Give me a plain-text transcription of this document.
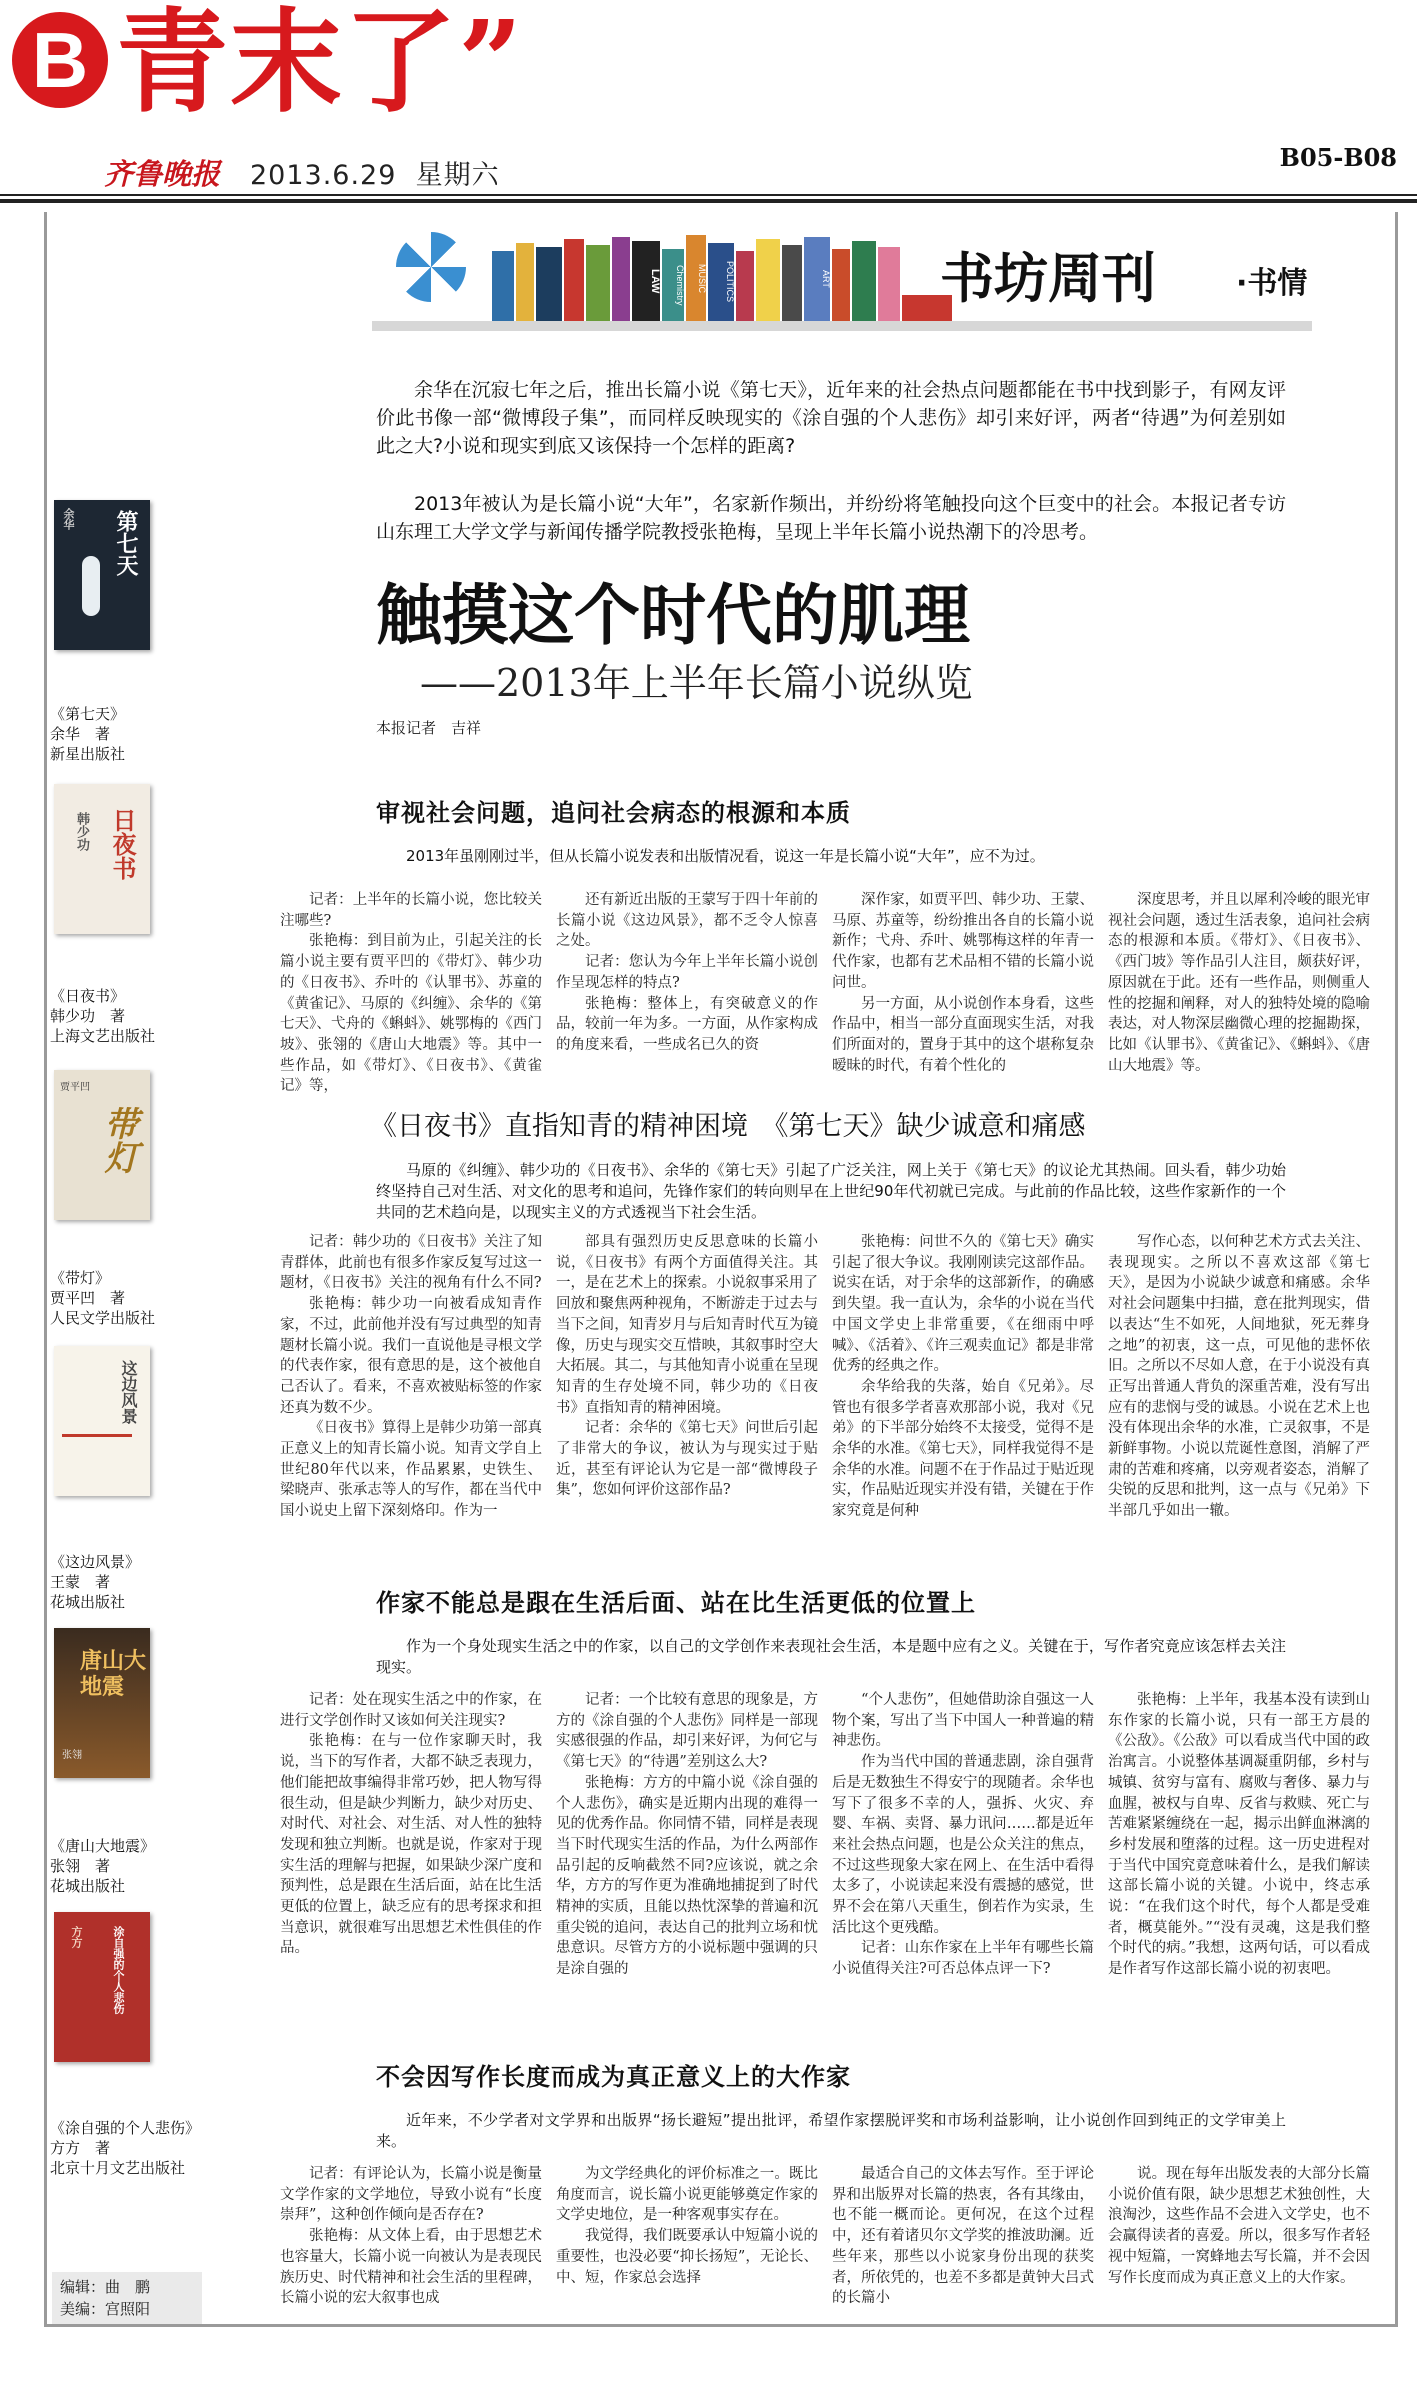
B 青末了”
齐鲁晚报 2013.6.29 星期六
B05-B08
LAW	Chemistry	MUSIC	POLITICS	ART 书坊周刊	·书情

余华在沉寂七年之后，推出长篇小说《第七天》，近年来的社会热点问题都能在书中找到影子，有网友评价此书像一部“微博段子集”，而同样反映现实的《涂自强的个人悲伤》却引来好评，两者“待遇”为何差别如此之大?小说和现实到底又该保持一个怎样的距离?

2013年被认为是长篇小说“大年”，名家新作频出，并纷纷将笔触投向这个巨变中的社会。本报记者专访山东理工大学文学与新闻传播学院教授张艳梅，呈现上半年长篇小说热潮下的冷思考。

触摸这个时代的肌理
——2013年上半年长篇小说纵览
本报记者　吉祥
第七天
余华
《第七天》
余华　著
新星出版社
日夜书
韩少功
《日夜书》
韩少功　著
上海文艺出版社
带灯
贾平凹
《带灯》
贾平凹　著
人民文学出版社
这边风景
《这边风景》
王蒙　著
花城出版社
唐山大地震
张翎
《唐山大地震》
张翎　著
花城出版社
涂自强的个人悲伤
方方
《涂自强的个人悲伤》
方方　著
北京十月文艺出版社
编辑：曲　鹏
美编：宫照阳
审视社会问题，追问社会病态的根源和本质

2013年虽刚刚过半，但从长篇小说发表和出版情况看，说这一年是长篇小说“大年”，应不为过。

记者：上半年的长篇小说，您比较关注哪些?

张艳梅：到目前为止，引起关注的长篇小说主要有贾平凹的《带灯》、韩少功的《日夜书》、乔叶的《认罪书》、苏童的《黄雀记》、马原的《纠缠》、余华的《第七天》、弋舟的《蝌蚪》、姚鄂梅的《西门坡》、张翎的《唐山大地震》等。其中一些作品，如《带灯》、《日夜书》、《黄雀记》等，

还有新近出版的王蒙写于四十年前的长篇小说《这边风景》，都不乏令人惊喜之处。

记者：您认为今年上半年长篇小说创作呈现怎样的特点?

张艳梅：整体上，有突破意义的作品，较前一年为多。一方面，从作家构成的角度来看，一些成名已久的资

深作家，如贾平凹、韩少功、王蒙、马原、苏童等，纷纷推出各自的长篇小说新作；弋舟、乔叶、姚鄂梅这样的年青一代作家，也都有艺术品相不错的长篇小说问世。

另一方面，从小说创作本身看，这些作品中，相当一部分直面现实生活，对我们所面对的，置身于其中的这个堪称复杂暧昧的时代，有着个性化的

深度思考，并且以犀利冷峻的眼光审视社会问题，透过生活表象，追问社会病态的根源和本质。《带灯》、《日夜书》、《西门坡》等作品引人注目，颇获好评，原因就在于此。还有一些作品，则侧重人性的挖掘和阐释，对人的独特处境的隐喻表达，对人物深层幽微心理的挖掘勘探，比如《认罪书》、《黄雀记》、《蝌蚪》、《唐山大地震》等。

《日夜书》直指知青的精神困境　《第七天》缺少诚意和痛感

马原的《纠缠》、韩少功的《日夜书》、余华的《第七天》引起了广泛关注，网上关于《第七天》的议论尤其热闹。回头看，韩少功始终坚持自己对生活、对文化的思考和追问，先锋作家们的转向则早在上世纪90年代初就已完成。与此前的作品比较，这些作家新作的一个共同的艺术趋向是，以现实主义的方式透视当下社会生活。

记者：韩少功的《日夜书》关注了知青群体，此前也有很多作家反复写过这一题材，《日夜书》关注的视角有什么不同?

张艳梅：韩少功一向被看成知青作家，不过，此前他并没有写过典型的知青题材长篇小说。我们一直说他是寻根文学的代表作家，很有意思的是，这个被他自己否认了。看来，不喜欢被贴标签的作家还真为数不少。

《日夜书》算得上是韩少功第一部真正意义上的知青长篇小说。知青文学自上世纪80年代以来，作品累累，史铁生、梁晓声、张承志等人的写作，都在当代中国小说史上留下深刻烙印。作为一

部具有强烈历史反思意味的长篇小说，《日夜书》有两个方面值得关注。其一，是在艺术上的探索。小说叙事采用了回放和聚焦两种视角，不断游走于过去与当下之间，知青岁月与后知青时代互为镜像，历史与现实交互惜映，其叙事时空大大拓展。其二，与其他知青小说重在呈现知青的生存处境不同，韩少功的《日夜书》直指知青的精神困境。

记者：余华的《第七天》问世后引起了非常大的争议，被认为与现实过于贴近，甚至有评论认为它是一部“微博段子集”，您如何评价这部作品?

张艳梅：问世不久的《第七天》确实引起了很大争议。我刚刚读完这部作品。说实在话，对于余华的这部新作，的确感到失望。我一直认为，余华的小说在当代中国文学史上非常重要，《在细雨中呼喊》、《活着》、《许三观卖血记》都是非常优秀的经典之作。

余华给我的失落，始自《兄弟》。尽管也有很多学者喜欢那部小说，我对《兄弟》的下半部分始终不太接受，觉得不是余华的水准。《第七天》，同样我觉得不是余华的水准。问题不在于作品过于贴近现实，作品贴近现实并没有错，关键在于作家究竟是何种

写作心态，以何种艺术方式去关注、表现现实。之所以不喜欢这部《第七天》，是因为小说缺少诚意和痛感。余华对社会问题集中扫描，意在批判现实，借以表达“生不如死，人间地狱，死无葬身之地”的初衷，这一点，可见他的悲怀依旧。之所以不尽如人意，在于小说没有真正写出普通人背负的深重苦难，没有写出应有的悲悯与受的诚恳。小说在艺术上也没有体现出余华的水准，亡灵叙事，不是新鲜事物。小说以荒诞性意图，消解了严肃的苦难和疼痛，以旁观者姿态，消解了尖锐的反思和批判，这一点与《兄弟》下半部几乎如出一辙。

作家不能总是跟在生活后面、站在比生活更低的位置上

作为一个身处现实生活之中的作家，以自己的文学创作来表现社会生活，本是题中应有之义。关键在于，写作者究竟应该怎样去关注现实。

记者：处在现实生活之中的作家，在进行文学创作时又该如何关注现实?

张艳梅：在与一位作家聊天时，我说，当下的写作者，大都不缺乏表现力，他们能把故事编得非常巧妙，把人物写得很生动，但是缺少判断力，缺少对历史、对时代、对社会、对生活、对人性的独特发现和独立判断。也就是说，作家对于现实生活的理解与把握，如果缺少深广度和预判性，总是跟在生活后面，站在比生活更低的位置上，缺乏应有的思考探求和担当意识，就很难写出思想艺术性俱佳的作品。

记者：一个比较有意思的现象是，方方的《涂自强的个人悲伤》同样是一部现实感很强的作品，却引来好评，为何它与《第七天》的“待遇”差别这么大?

张艳梅：方方的中篇小说《涂自强的个人悲伤》，确实是近期内出现的难得一见的优秀作品。你同情不错，同样是表现当下时代现实生活的作品，为什么两部作品引起的反响截然不同?应该说，就之余华，方方的写作更为准确地捕捉到了时代精神的实质，且能以热忱深挚的普遍和沉重尖锐的追问，表达自己的批判立场和忧患意识。尽管方方的小说标题中强调的只是涂自强的

“个人悲伤”，但她借助涂自强这一人物个案，写出了当下中国人一种普遍的精神悲伤。

作为当代中国的普通悲剧，涂自强背后是无数独生不得安宁的现随者。余华也写下了很多不幸的人，强拆、火灾、弃婴、车祸、卖肾、暴力讯问……都是近年来社会热点问题，也是公众关注的焦点，不过这些现象大家在网上、在生活中看得太多了，小说读起来没有震撼的感觉，世界不会在第八天重生，倒若作为实录，生活比这个更残酷。

记者：山东作家在上半年有哪些长篇小说值得关注?可否总体点评一下?

张艳梅：上半年，我基本没有读到山东作家的长篇小说，只有一部王方晨的《公敌》。《公敌》可以看成当代中国的政治寓言。小说整体基调凝重阴郁，乡村与城镇、贫穷与富有、腐败与奢侈、暴力与血腥，被权与自卑、反省与救赎、死亡与苦难紧紧缠绕在一起，揭示出鲜血淋漓的乡村发展和堕落的过程。这一历史进程对于当代中国究竟意味着什么，是我们解读这部长篇小说的关键。小说中，终志承说：“在我们这个时代，每个人都是受难者，概莫能外。”“没有灵魂，这是我们整个时代的病。”我想，这两句话，可以看成是作者写作这部长篇小说的初衷吧。

不会因写作长度而成为真正意义上的大作家

近年来，不少学者对文学界和出版界“扬长避短”提出批评，希望作家摆脱评奖和市场利益影响，让小说创作回到纯正的文学审美上来。

记者：有评论认为，长篇小说是衡量文学作家的文学地位，导致小说有“长度崇拜”，这种创作倾向是否存在?

张艳梅：从文体上看，由于思想艺术也容量大，长篇小说一向被认为是表现民族历史、时代精神和社会生活的里程碑，长篇小说的宏大叙事也成

为文学经典化的评价标准之一。既比角度而言，说长篇小说更能够奠定作家的文学史地位，是一种客观事实存在。

我觉得，我们既要承认中短篇小说的重要性，也没必要“抑长扬短”，无论长、中、短，作家总会选择

最适合自己的文体去写作。至于评论界和出版界对长篇的热衷，各有其缘由，也不能一概而论。更何况，在这个过程中，还有着诸贝尔文学奖的推波助澜。近些年来，那些以小说家身份出现的获奖者，所依凭的，也差不多都是黄钟大吕式的长篇小

说。现在每年出版发表的大部分长篇小说价值有限，缺少思想艺术独创性，大浪淘沙，这些作品不会进入文学史，也不会赢得读者的喜爱。所以，很多写作者轻视中短篇，一窝蜂地去写长篇，并不会因写作长度而成为真正意义上的大作家。
